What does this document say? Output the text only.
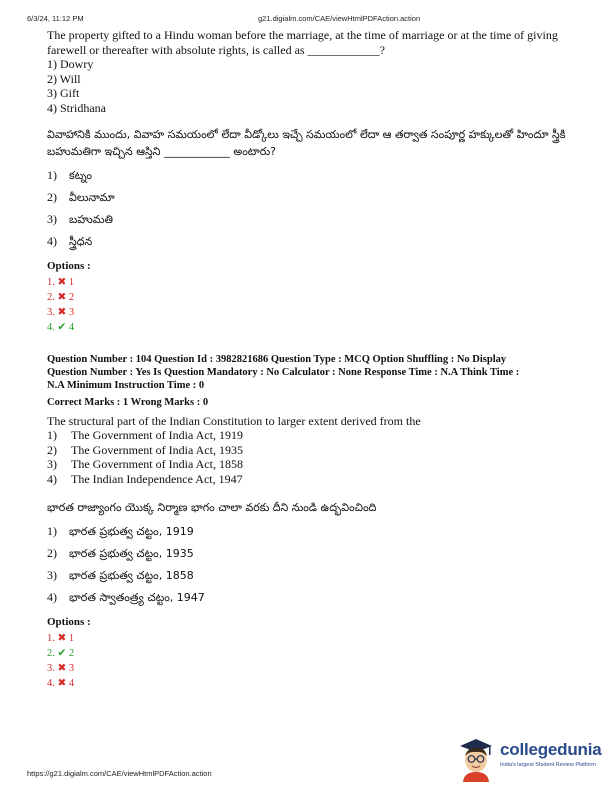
6/3/24, 11:12 PM	g21.digialm.com/CAE/viewHtmlPDFAction.action

The property gifted to a Hindu woman before the marriage, at the time of marriage or at the time of giving farewell or thereafter with absolute rights, is called as ____________?

1) Dowry
2) Will
3) Gift
4) Stridhana

వివాహానికి ముందు, వివాహ సమయంలో లేదా వీడ్కోలు ఇచ్చే సమయంలో లేదా ఆ తర్వాత సంపూర్ణ హక్కులతో హిందూ స్త్రీకి బహుమతిగా ఇచ్చిన ఆస్తిని ____________ అంటారు?

1) కట్నం
2) వీలునామా
3) బహుమతి
4) స్త్రీధన
Options :

1. ✖ 1

2. ✖ 2

3. ✖ 3

4. ✔ 4

Question Number : 104 Question Id : 3982821686 Question Type : MCQ Option Shuffling : No Display

Question Number : Yes Is Question Mandatory : No Calculator : None Response Time : N.A Think Time :

N.A Minimum Instruction Time : 0

Correct Marks : 1 Wrong Marks : 0

The structural part of the Indian Constitution to larger extent derived from the

1) The Government of India Act, 1919
2) The Government of India Act, 1935
3) The Government of India Act, 1858
4) The Indian Independence Act, 1947

భారత రాజ్యాంగం యొక్క నిర్మాణ భాగం చాలా వరకు దీని నుండి ఉద్భవించింది

1) భారత ప్రభుత్వ చట్టం, 1919
2) భారత ప్రభుత్వ చట్టం, 1935
3) భారత ప్రభుత్వ చట్టం, 1858
4) భారత స్వాతంత్ర్య చట్టం, 1947
Options :

1. ✖ 1

2. ✔ 2

3. ✖ 3

4. ✖ 4

https://g21.digialm.com/CAE/viewHtmlPDFAction.action
collegedunia
India's largest Student Review Platform
